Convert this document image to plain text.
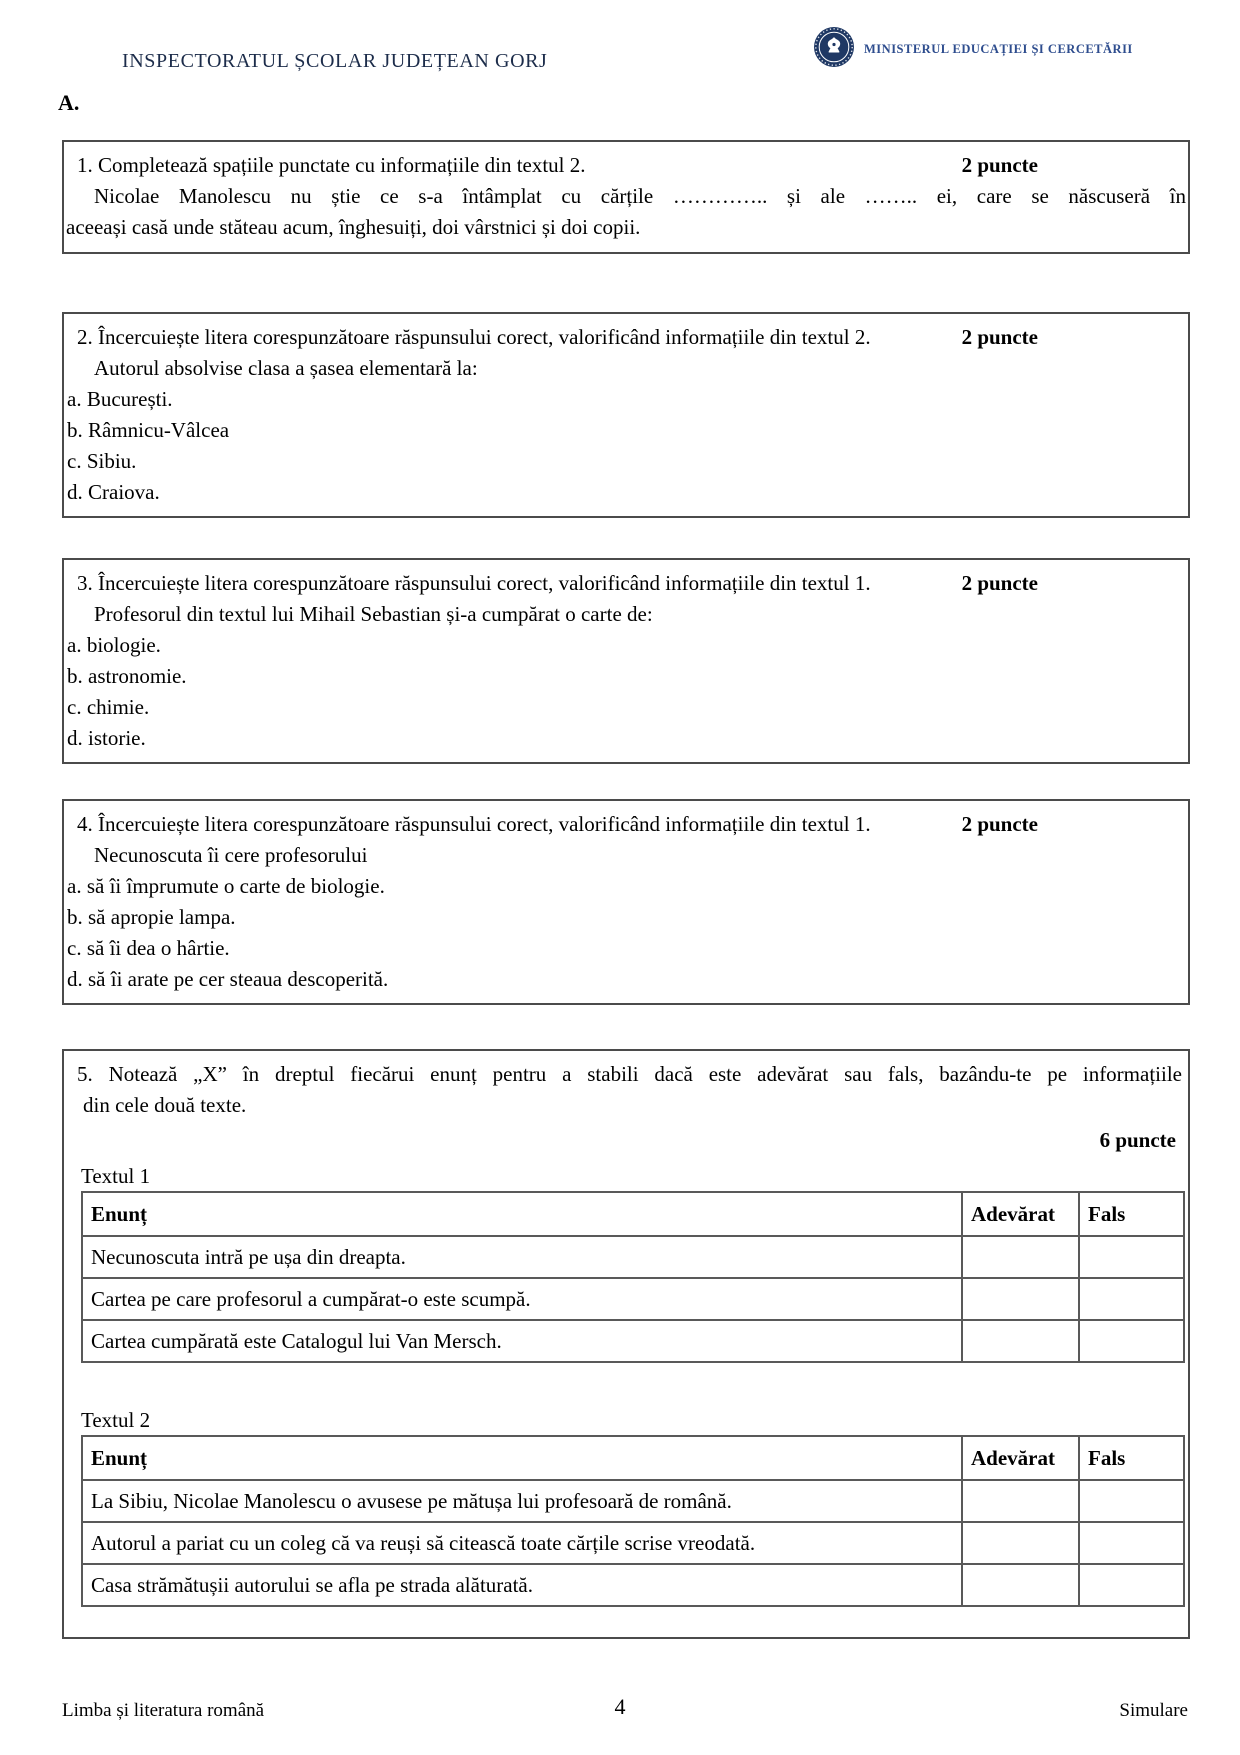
INSPECTORATUL ȘCOLAR JUDEȚEAN GORJ
MINISTERUL EDUCAȚIEI ȘI CERCETĂRII
A.
1. Completează spațiile punctate cu informațiile din textul 2.	2 puncte
Nicolae Manolescu nu știe ce s-a întâmplat cu cărțile ………….. și ale …….. ei, care se născuseră în
aceeași casă unde stăteau acum, înghesuiți, doi vârstnici și doi copii.
2. Încercuiește litera corespunzătoare răspunsului corect, valorificând informațiile din textul 2.	2 puncte
Autorul absolvise clasa a șasea elementară la:
a. București.
b. Râmnicu-Vâlcea
c. Sibiu.
d. Craiova.
3. Încercuiește litera corespunzătoare răspunsului corect, valorificând informațiile din textul 1.	2 puncte
Profesorul din textul lui Mihail Sebastian și-a cumpărat o carte de:
a. biologie.
b. astronomie.
c. chimie.
d. istorie.
4. Încercuiește litera corespunzătoare răspunsului corect, valorificând informațiile din textul 1.	2 puncte
Necunoscuta îi cere profesorului
a. să îi împrumute o carte de biologie.
b. să apropie lampa.
c. să îi dea o hârtie.
d. să îi arate pe cer steaua descoperită.
5. Notează „X” în dreptul fiecărui enunț pentru a stabili dacă este adevărat sau fals, bazându-te pe informațiile
din cele două texte.
6 puncte
Textul 1
Enunț	Adevărat	Fals
Necunoscuta intră pe ușa din dreapta.		
Cartea pe care profesorul a cumpărat-o este scumpă.		
Cartea cumpărată este Catalogul lui Van Mersch.		
Textul 2
Enunț	Adevărat	Fals
La Sibiu, Nicolae Manolescu o avusese pe mătușa lui profesoară de română.		
Autorul a pariat cu un coleg că va reuși să citească toate cărțile scrise vreodată.		
Casa strămătușii autorului se afla pe strada alăturată.		
Limba și literatura română	4	Simulare
